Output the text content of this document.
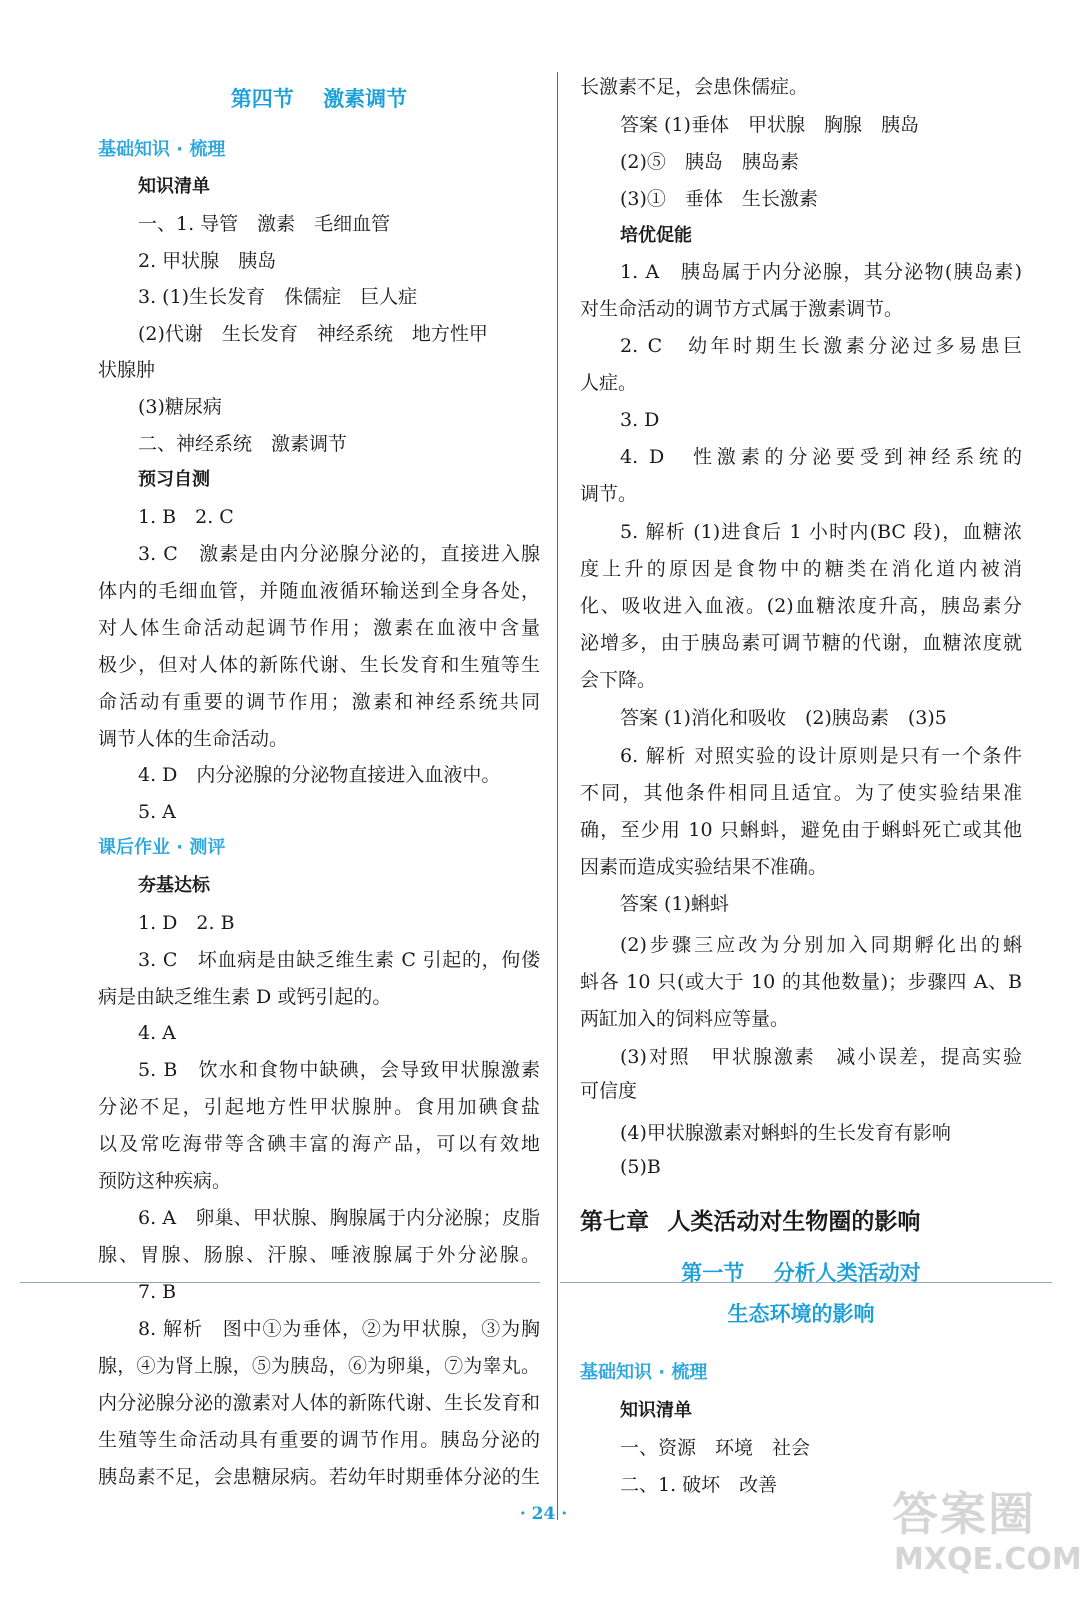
第四节 激素调节
基础知识 · 梳理
知识清单
一、1. 导管　激素　毛细血管
2. 甲状腺　胰岛
3. (1)生长发育　侏儒症　巨人症
(2)代谢　生长发育　神经系统　地方性甲
状腺肿
(3)糖尿病
二、神经系统　激素调节
预习自测
1. B　2. C
3. C　激素是由内分泌腺分泌的，直接进入腺
体内的毛细血管，并随血液循环输送到全身各处，
对人体生命活动起调节作用；激素在血液中含量
极少，但对人体的新陈代谢、生长发育和生殖等生
命活动有重要的调节作用；激素和神经系统共同
调节人体的生命活动。
4. D　内分泌腺的分泌物直接进入血液中。
5. A
课后作业 · 测评
夯基达标
1. D　2. B
3. C　坏血病是由缺乏维生素 C 引起的，佝偻
病是由缺乏维生素 D 或钙引起的。
4. A
5. B　饮水和食物中缺碘，会导致甲状腺激素
分泌不足，引起地方性甲状腺肿。食用加碘食盐
以及常吃海带等含碘丰富的海产品，可以有效地
预防这种疾病。
6. A　卵巢、甲状腺、胸腺属于内分泌腺；皮脂
腺、胃腺、肠腺、汗腺、唾液腺属于外分泌腺。
7. B
8. 解析　图中①为垂体，②为甲状腺，③为胸
腺，④为肾上腺，⑤为胰岛，⑥为卵巢，⑦为睾丸。
内分泌腺分泌的激素对人体的新陈代谢、生长发育和
生殖等生命活动具有重要的调节作用。胰岛分泌的
胰岛素不足，会患糖尿病。若幼年时期垂体分泌的生
长激素不足，会患侏儒症。
答案 (1)垂体　甲状腺　胸腺　胰岛
(2)⑤　胰岛　胰岛素
(3)①　垂体　生长激素
培优促能
1. A　胰岛属于内分泌腺，其分泌物(胰岛素)
对生命活动的调节方式属于激素调节。
2. C　幼年时期生长激素分泌过多易患巨
人症。
3. D
4. D　性激素的分泌要受到神经系统的
调节。
5. 解析 (1)进食后 1 小时内(BC 段)，血糖浓
度上升的原因是食物中的糖类在消化道内被消
化、吸收进入血液。(2)血糖浓度升高，胰岛素分
泌增多，由于胰岛素可调节糖的代谢，血糖浓度就
会下降。
答案 (1)消化和吸收　(2)胰岛素　(3)5
6. 解析 对照实验的设计原则是只有一个条件
不同，其他条件相同且适宜。为了使实验结果准
确，至少用 10 只蝌蚪，避免由于蝌蚪死亡或其他
因素而造成实验结果不准确。
答案 (1)蝌蚪
(2)步骤三应改为分别加入同期孵化出的蝌
蚪各 10 只(或大于 10 的其他数量)；步骤四 A、B
两缸加入的饲料应等量。
(3)对照　甲状腺激素　减小误差，提高实验
可信度
(4)甲状腺激素对蝌蚪的生长发育有影响
(5)B
第七章 人类活动对生物圈的影响
第一节 分析人类活动对
生态环境的影响
基础知识 · 梳理
知识清单
一、资源　环境　社会
二、1. 破坏　改善
· 24 ·	答案圈
MXQE.COM
